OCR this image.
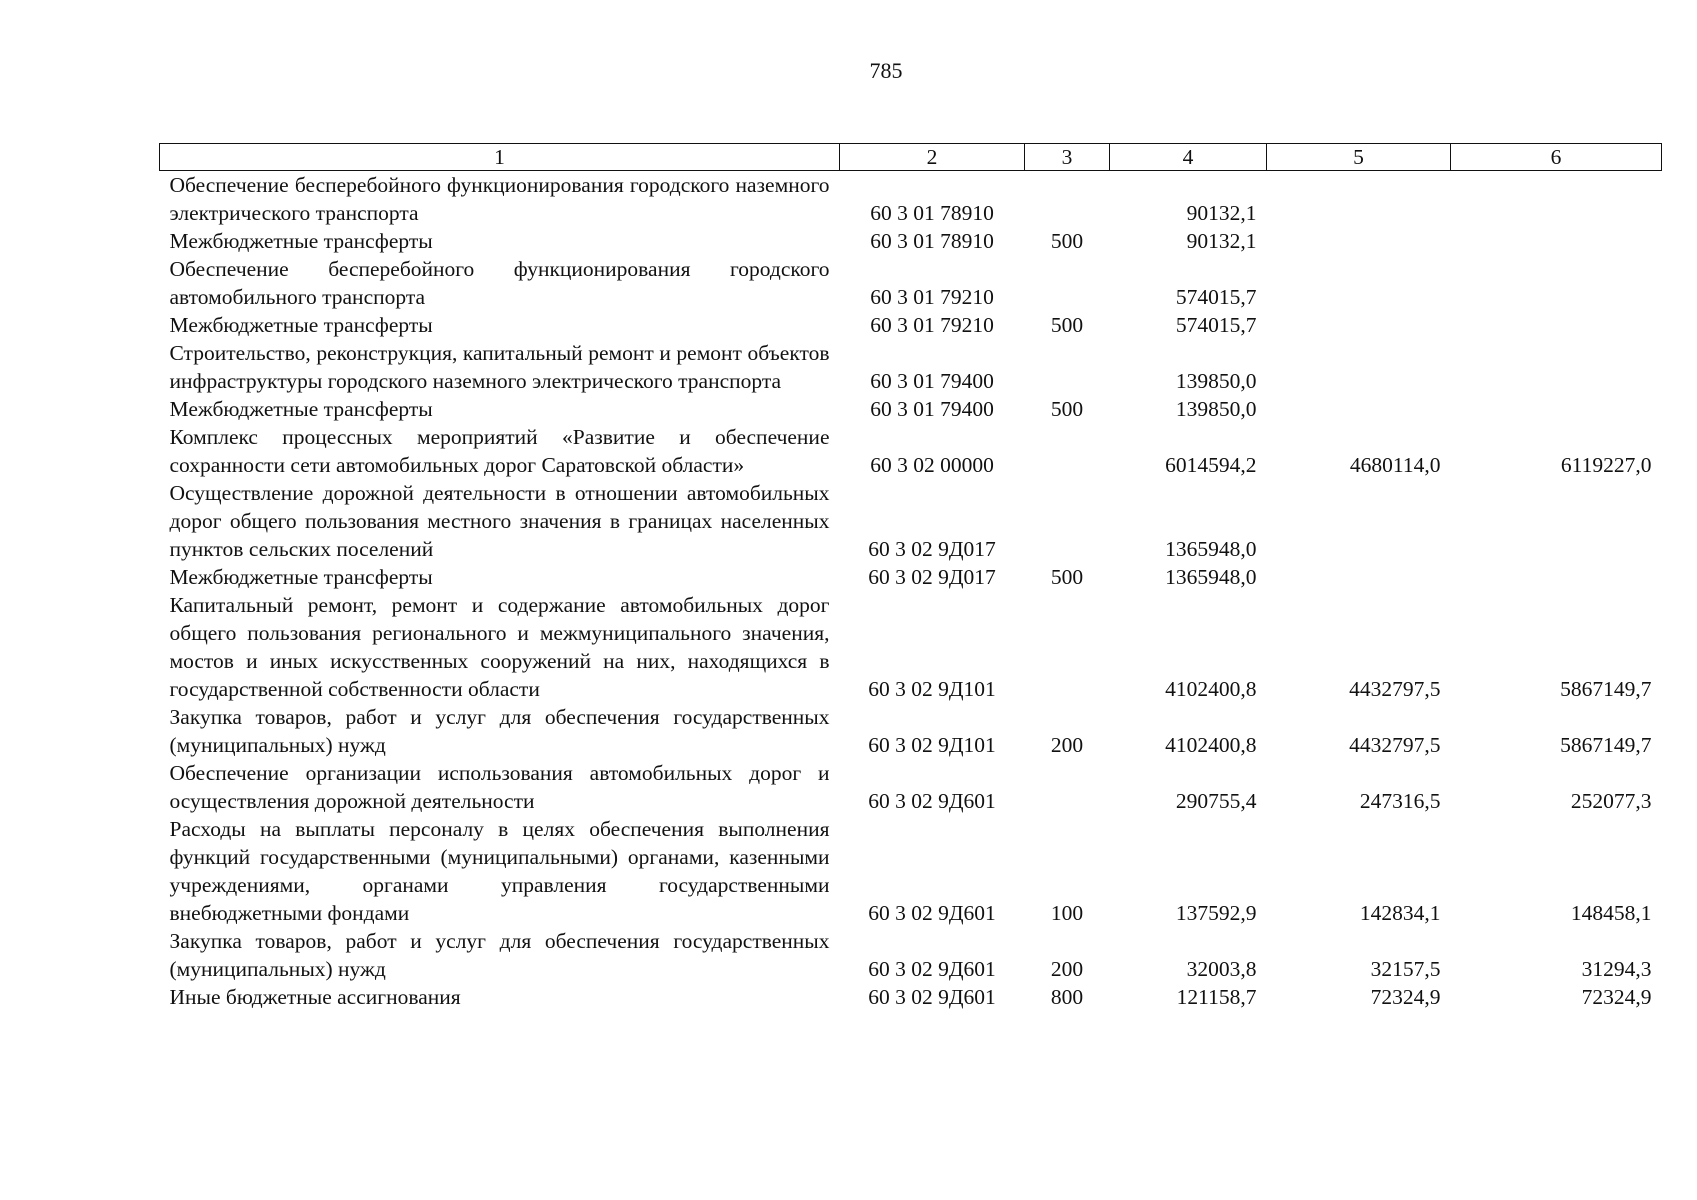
785
1	2	3	4	5	6
Обеспечение бесперебойного функционирования городского наземного электрического транспорта	60 3 01 78910		90132,1		
Межбюджетные трансферты	60 3 01 78910	500	90132,1		
Обеспечение бесперебойного функционирования городского автомобильного транспорта	60 3 01 79210		574015,7		
Межбюджетные трансферты	60 3 01 79210	500	574015,7		
Строительство, реконструкция, капитальный ремонт и ремонт объектов инфраструктуры городского наземного электрического транспорта	60 3 01 79400		139850,0		
Межбюджетные трансферты	60 3 01 79400	500	139850,0		
Комплекс процессных мероприятий «Развитие и обеспечение сохранности сети автомобильных дорог Саратовской области»	60 3 02 00000		6014594,2	4680114,0	6119227,0
Осуществление дорожной деятельности в отношении автомобильных дорог общего пользования местного значения в границах населенных пунктов сельских поселений	60 3 02 9Д017		1365948,0		
Межбюджетные трансферты	60 3 02 9Д017	500	1365948,0		
Капитальный ремонт, ремонт и содержание автомобильных дорог общего пользования регионального и межмуниципального значения, мостов и иных искусственных сооружений на них, находящихся в государственной собственности области	60 3 02 9Д101		4102400,8	4432797,5	5867149,7
Закупка товаров, работ и услуг для обеспечения государственных (муниципальных) нужд	60 3 02 9Д101	200	4102400,8	4432797,5	5867149,7
Обеспечение организации использования автомобильных дорог и осуществления дорожной деятельности	60 3 02 9Д601		290755,4	247316,5	252077,3
Расходы на выплаты персоналу в целях обеспечения выполнения функций государственными (муниципальными) органами, казенными учреждениями, органами управления государственными внебюджетными фондами	60 3 02 9Д601	100	137592,9	142834,1	148458,1
Закупка товаров, работ и услуг для обеспечения государственных (муниципальных) нужд	60 3 02 9Д601	200	32003,8	32157,5	31294,3
Иные бюджетные ассигнования	60 3 02 9Д601	800	121158,7	72324,9	72324,9
